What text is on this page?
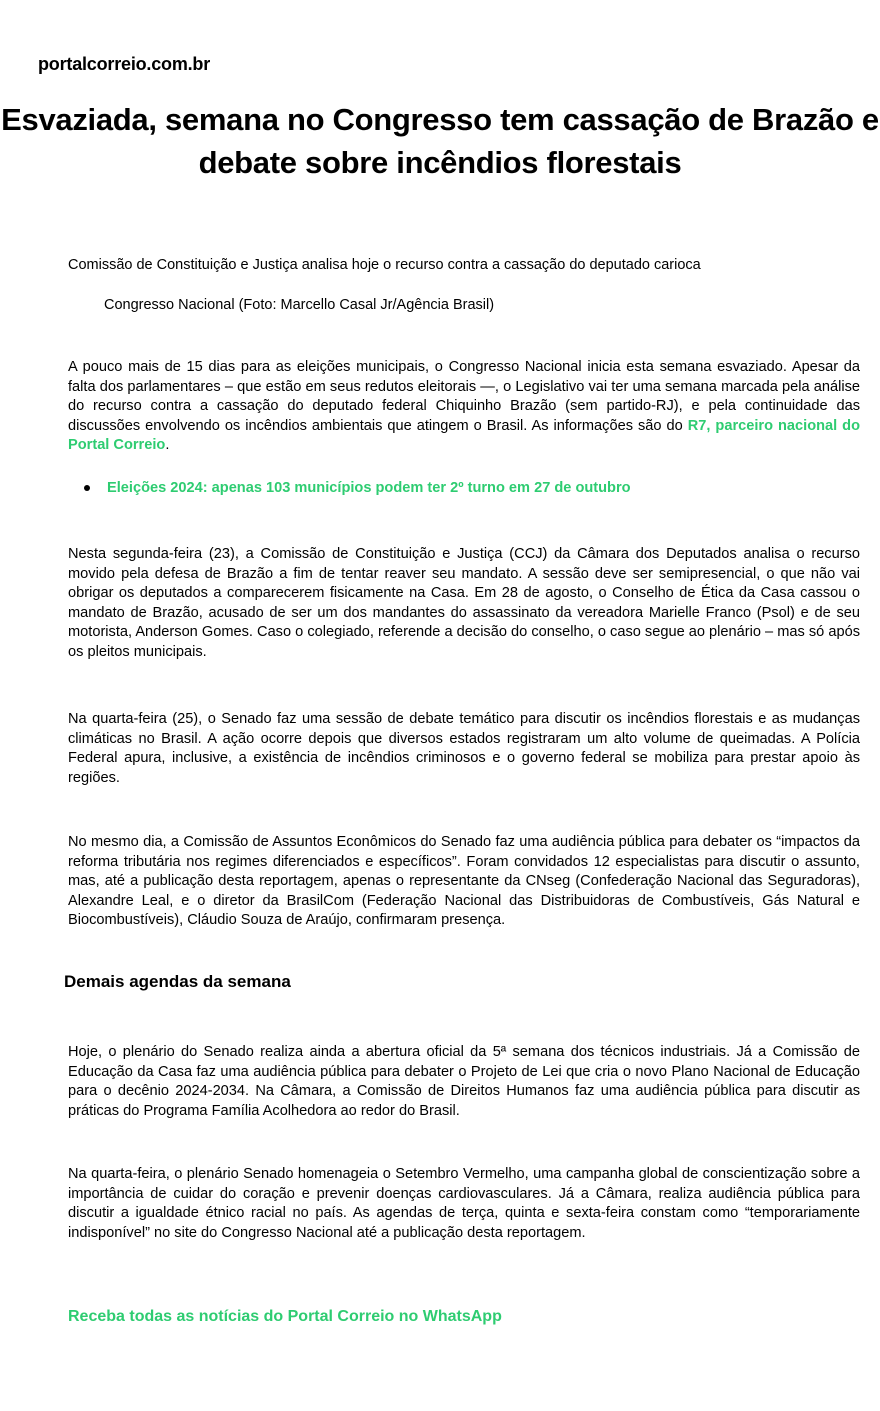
portalcorreio.com.br
Esvaziada, semana no Congresso tem cassação de Brazão e debate sobre incêndios florestais
Comissão de Constituição e Justiça analisa hoje o recurso contra a cassação do deputado carioca
Congresso Nacional (Foto: Marcello Casal Jr/Agência Brasil)

A pouco mais de 15 dias para as eleições municipais, o Congresso Nacional inicia esta semana esvaziado. Apesar da falta dos parlamentares – que estão em seus redutos eleitorais —, o Legislativo vai ter uma semana marcada pela análise do recurso contra a cassação do deputado federal Chiquinho Brazão (sem partido-RJ), e pela continuidade das discussões envolvendo os incêndios ambientais que atingem o Brasil. As informações são do R7, parceiro nacional do Portal Correio.

Eleições 2024: apenas 103 municípios podem ter 2º turno em 27 de outubro

Nesta segunda-feira (23), a Comissão de Constituição e Justiça (CCJ) da Câmara dos Deputados analisa o recurso movido pela defesa de Brazão a fim de tentar reaver seu mandato. A sessão deve ser semipresencial, o que não vai obrigar os deputados a comparecerem fisicamente na Casa. Em 28 de agosto, o Conselho de Ética da Casa cassou o mandato de Brazão, acusado de ser um dos mandantes do assassinato da vereadora Marielle Franco (Psol) e de seu motorista, Anderson Gomes. Caso o colegiado, referende a decisão do conselho, o caso segue ao plenário – mas só após os pleitos municipais.

Na quarta-feira (25), o Senado faz uma sessão de debate temático para discutir os incêndios florestais e as mudanças climáticas no Brasil. A ação ocorre depois que diversos estados registraram um alto volume de queimadas. A Polícia Federal apura, inclusive, a existência de incêndios criminosos e o governo federal se mobiliza para prestar apoio às regiões.

No mesmo dia, a Comissão de Assuntos Econômicos do Senado faz uma audiência pública para debater os “impactos da reforma tributária nos regimes diferenciados e específicos”. Foram convidados 12 especialistas para discutir o assunto, mas, até a publicação desta reportagem, apenas o representante da CNseg (Confederação Nacional das Seguradoras), Alexandre Leal, e o diretor da BrasilCom (Federação Nacional das Distribuidoras de Combustíveis, Gás Natural e Biocombustíveis), Cláudio Souza de Araújo, confirmaram presença.

Demais agendas da semana

Hoje, o plenário do Senado realiza ainda a abertura oficial da 5ª semana dos técnicos industriais. Já a Comissão de Educação da Casa faz uma audiência pública para debater o Projeto de Lei que cria o novo Plano Nacional de Educação para o decênio 2024-2034. Na Câmara, a Comissão de Direitos Humanos faz uma audiência pública para discutir as práticas do Programa Família Acolhedora ao redor do Brasil.

Na quarta-feira, o plenário Senado homenageia o Setembro Vermelho, uma campanha global de conscientização sobre a importância de cuidar do coração e prevenir doenças cardiovasculares. Já a Câmara, realiza audiência pública para discutir a igualdade étnico racial no país. As agendas de terça, quinta e sexta-feira constam como “temporariamente indisponível” no site do Congresso Nacional até a publicação desta reportagem.

Receba todas as notícias do Portal Correio no WhatsApp
